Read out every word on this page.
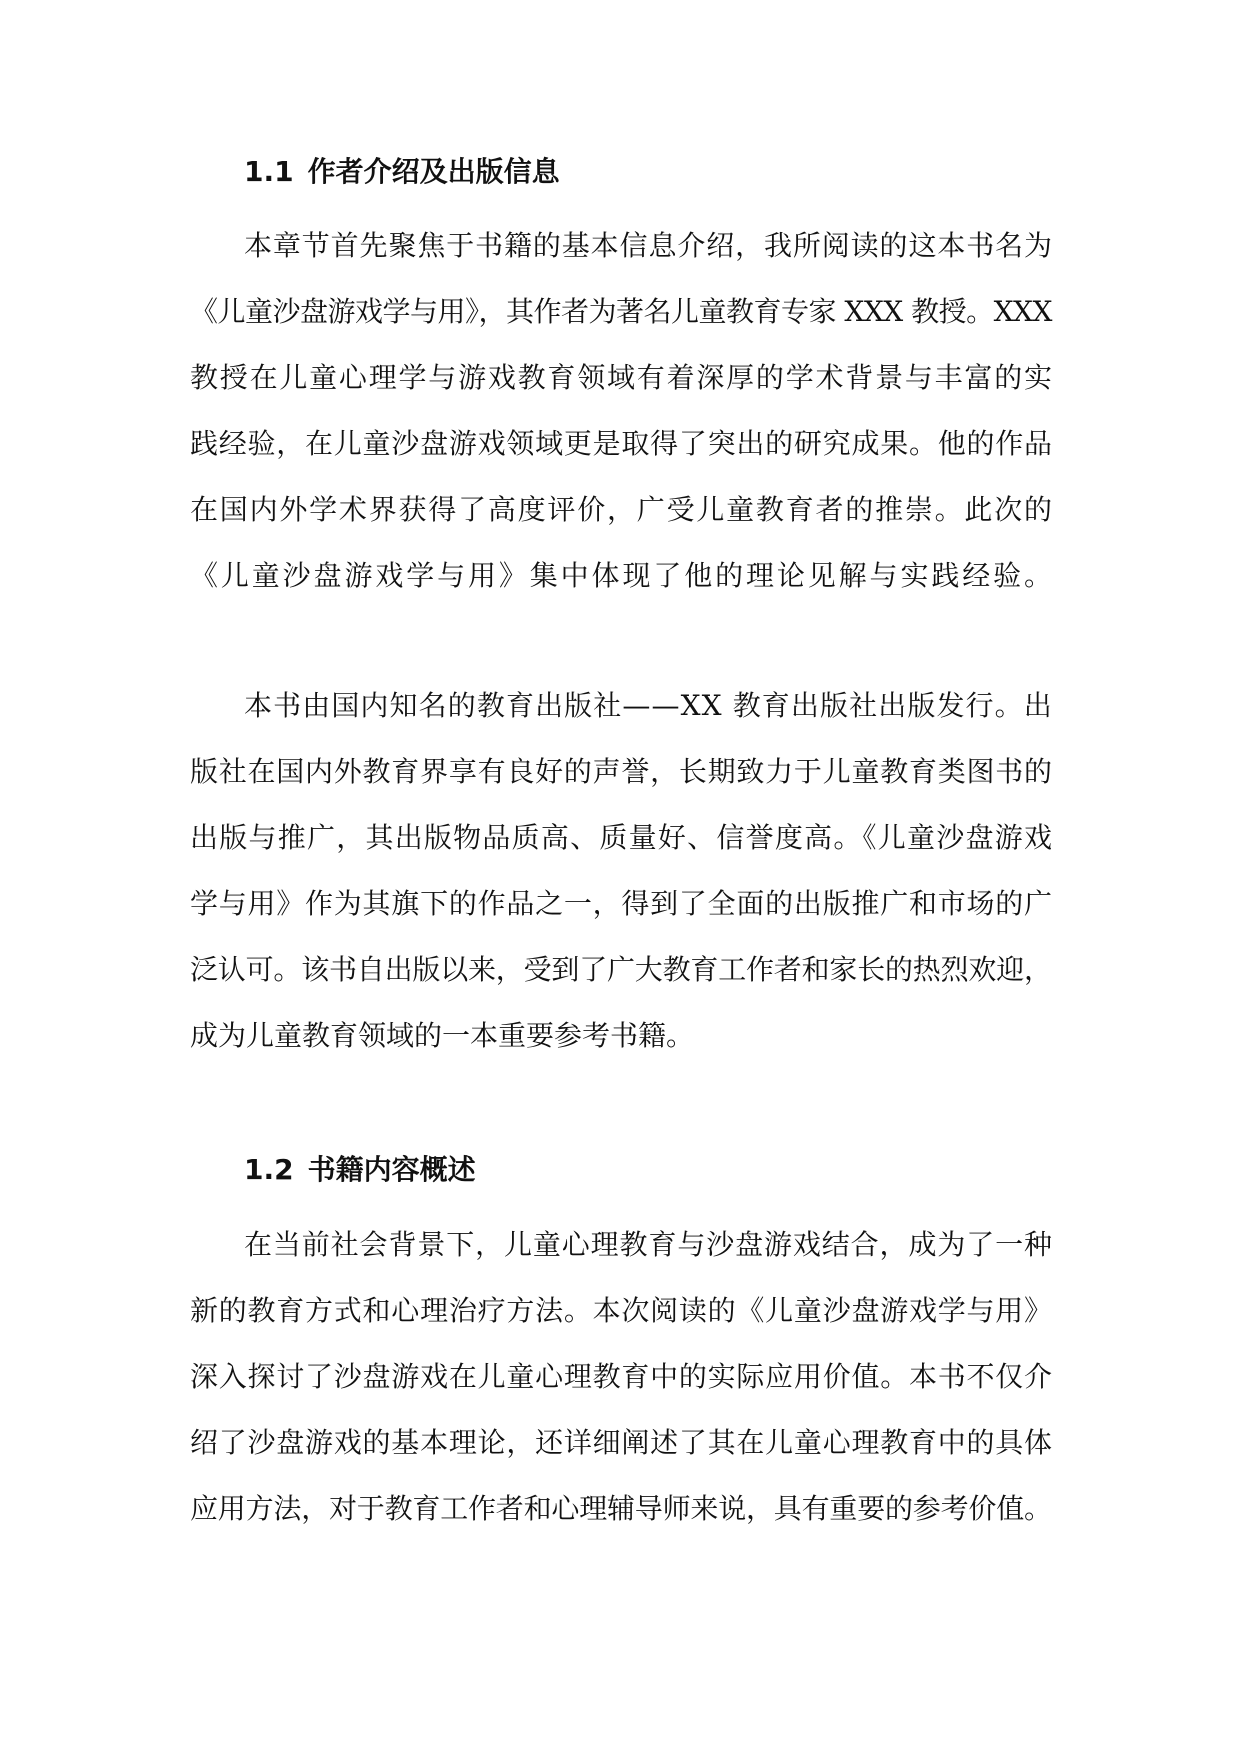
1.1 作者介绍及出版信息
本章节首先聚焦于书籍的基本信息介绍，我所阅读的这本书名为
《儿童沙盘游戏学与用》，其作者为著名儿童教育专家 XXX 教授。XXX
教授在儿童心理学与游戏教育领域有着深厚的学术背景与丰富的实
践经验，在儿童沙盘游戏领域更是取得了突出的研究成果。他的作品
在国内外学术界获得了高度评价，广受儿童教育者的推崇。此次的
《儿童沙盘游戏学与用》集中体现了他的理论见解与实践经验。
本书由国内知名的教育出版社——XX 教育出版社出版发行。出
版社在国内外教育界享有良好的声誉，长期致力于儿童教育类图书的
出版与推广，其出版物品质高、质量好、信誉度高。《儿童沙盘游戏
学与用》作为其旗下的作品之一，得到了全面的出版推广和市场的广
泛认可。该书自出版以来，受到了广大教育工作者和家长的热烈欢迎，
成为儿童教育领域的一本重要参考书籍。
1.2 书籍内容概述
在当前社会背景下，儿童心理教育与沙盘游戏结合，成为了一种
新的教育方式和心理治疗方法。本次阅读的《儿童沙盘游戏学与用》
深入探讨了沙盘游戏在儿童心理教育中的实际应用价值。本书不仅介
绍了沙盘游戏的基本理论，还详细阐述了其在儿童心理教育中的具体
应用方法，对于教育工作者和心理辅导师来说，具有重要的参考价值。
